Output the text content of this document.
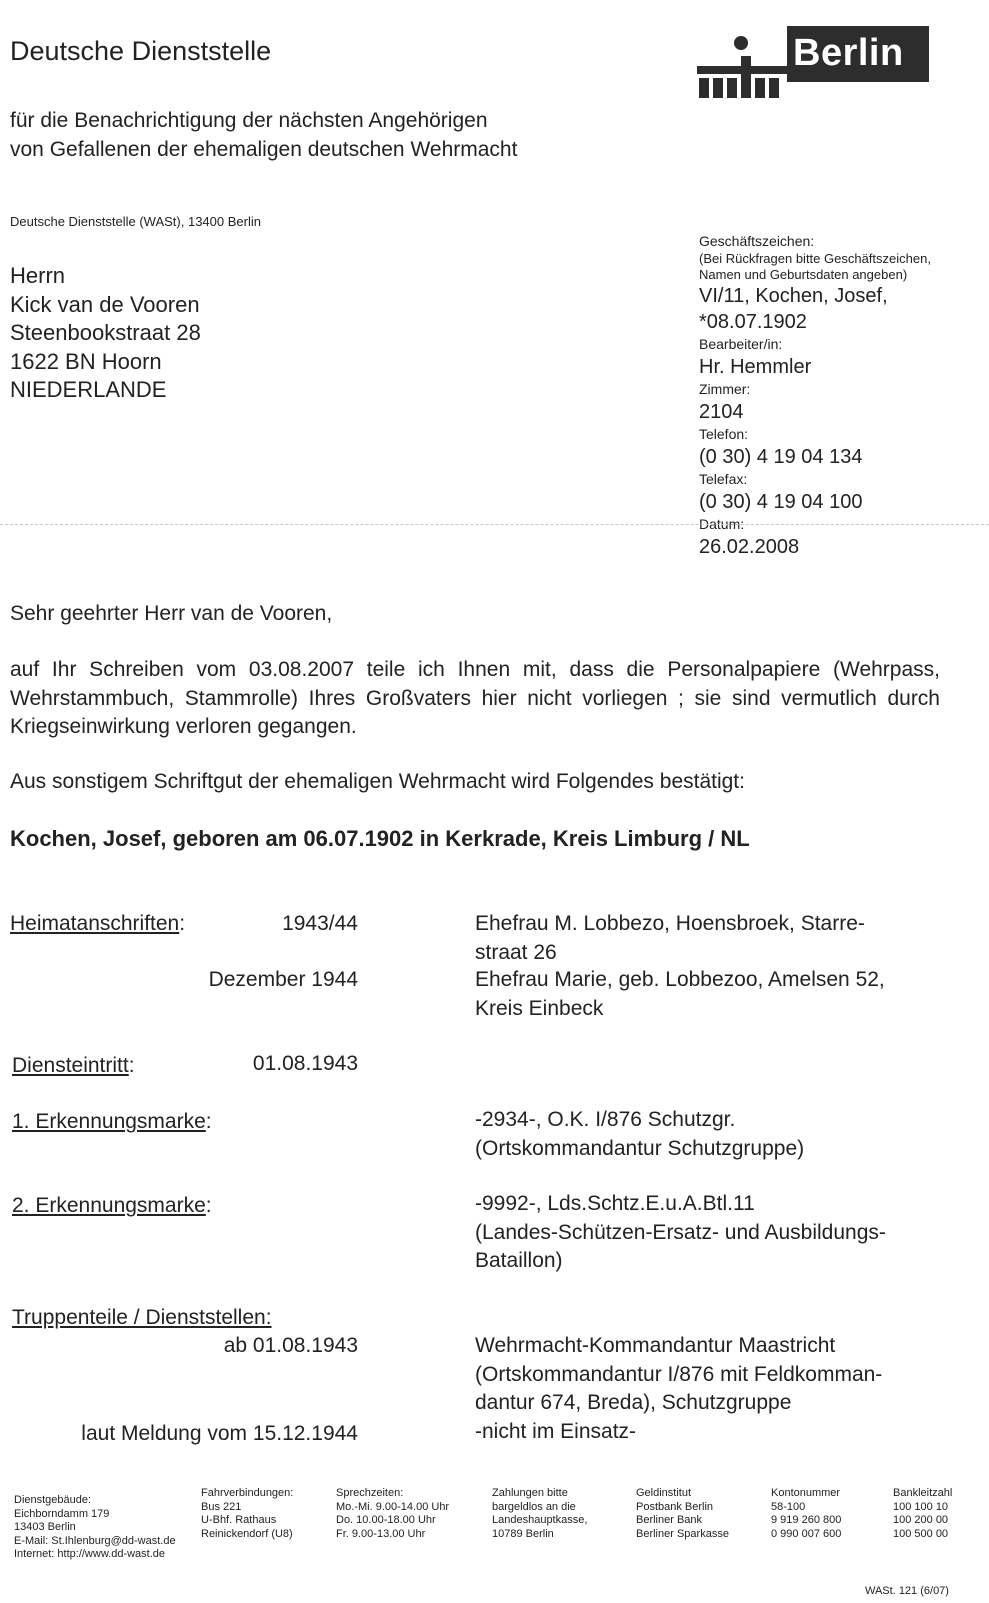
Deutsche Dienststelle
für die Benachrichtigung der nächsten Angehörigen
von Gefallenen der ehemaligen deutschen Wehrmacht
Deutsche Dienststelle (WASt), 13400 Berlin
Berlin
Herrn
Kick van de Vooren
Steenbookstraat 28
1622 BN Hoorn
NIEDERLANDE
Geschäftszeichen:
(Bei Rückfragen bitte Geschäftszeichen,
Namen und Geburtsdaten angeben)
VI/11, Kochen, Josef,
*08.07.1902
Bearbeiter/in:
Hr. Hemmler
Zimmer:
2104
Telefon:
(0 30) 4 19 04 134
Telefax:
(0 30) 4 19 04 100
Datum:
26.02.2008
Sehr geehrter Herr van de Vooren,
auf Ihr Schreiben vom 03.08.2007 teile ich Ihnen mit, dass die Personalpapiere (Wehrpass, Wehrstammbuch, Stammrolle) Ihres Großvaters hier nicht vorliegen ; sie sind vermutlich durch Kriegseinwirkung verloren gegangen.
Aus sonstigem Schriftgut der ehemaligen Wehrmacht wird Folgendes bestätigt:
Kochen, Josef, geboren am 06.07.1902 in Kerkrade, Kreis Limburg / NL
Heimatanschriften:	1943/44	Ehefrau M. Lobbezo, Hoensbroek, Starre-
straat 26
Dezember 1944	Ehefrau Marie, geb. Lobbezoo, Amelsen 52,
Kreis Einbeck
Diensteintritt:	01.08.1943
1. Erkennungsmarke:	-2934-, O.K. I/876 Schutzgr.
(Ortskommandantur Schutzgruppe)
2. Erkennungsmarke:	-9992-, Lds.Schtz.E.u.A.Btl.11
(Landes-Schützen-Ersatz- und Ausbildungs-
Bataillon)
Truppenteile / Dienststellen:
ab 01.08.1943	Wehrmacht-Kommandantur Maastricht
(Ortskommandantur I/876 mit Feldkomman-
dantur 674, Breda), Schutzgruppe
laut Meldung vom 15.12.1944	-nicht im Einsatz-
Dienstgebäude:
Eichborndamm 179
13403 Berlin
E-Mail: St.Ihlenburg@dd-wast.de
Internet: http://www.dd-wast.de
Fahrverbindungen:
Bus 221
U-Bhf. Rathaus
Reinickendorf (U8)
Sprechzeiten:
Mo.-Mi. 9.00-14.00 Uhr
Do. 10.00-18.00 Uhr
Fr. 9.00-13.00 Uhr
Zahlungen bitte
bargeldlos an die
Landeshauptkasse,
10789 Berlin
Geldinstitut
Postbank Berlin
Berliner Bank
Berliner Sparkasse
Kontonummer
58-100
9 919 260 800
0 990 007 600
Bankleitzahl
100 100 10
100 200 00
100 500 00
WASt. 121 (6/07)
